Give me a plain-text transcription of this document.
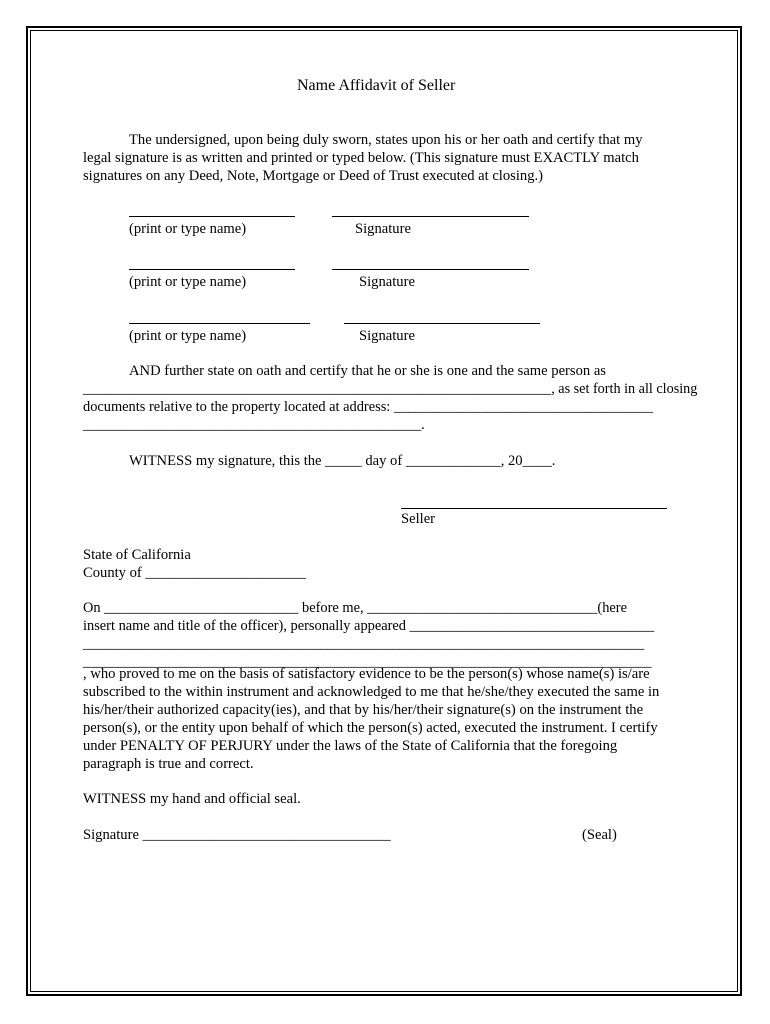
Name Affidavit of Seller
The undersigned, upon being duly sworn, states upon his or her oath and certify that my
legal signature is as written and printed or typed below. (This signature must EXACTLY match
signatures on any Deed, Note, Mortgage or Deed of Trust executed at closing.)
(print or type name)	Signature
(print or type name)	Signature
(print or type name)	Signature
AND further state on oath and certify that he or she is one and the same person as
__________________________________________________________________, as set forth in all closing
documents relative to the property located at address: ____________________________________
_______________________________________________.
WITNESS my signature, this the _____ day of _____________, 20____.
Seller
State of California
County of ______________________
On ___________________________ before me, ________________________________(here
insert name and title of the officer), personally appeared __________________________________
______________________________________________________________________________
_______________________________________________________________________________
, who proved to me on the basis of satisfactory evidence to be the person(s) whose name(s) is/are
subscribed to the within instrument and acknowledged to me that he/she/they executed the same in
his/her/their authorized capacity(ies), and that by his/her/their signature(s) on the instrument the
person(s), or the entity upon behalf of which the person(s) acted, executed the instrument. I certify
under PENALTY OF PERJURY under the laws of the State of California that the foregoing
paragraph is true and correct.
WITNESS my hand and official seal.
Signature __________________________________	(Seal)
